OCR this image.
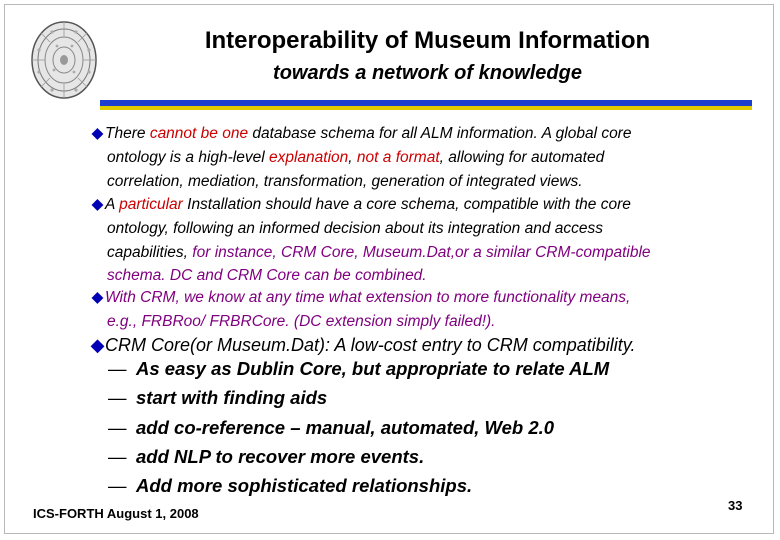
Interoperability of Museum Information
towards a network of knowledge
◆There cannot be one database schema for all ALM information. A global core
ontology is a high-level explanation, not a format, allowing for automated
correlation, mediation, transformation, generation of integrated views.
◆A particular Installation should have a core schema, compatible with the core
ontology, following an informed decision about its integration and access
capabilities, for instance, CRM Core, Museum.Dat,or a similar CRM-compatible
schema. DC and CRM Core can be combined.
◆With CRM, we know at any time what extension to more functionality means,
e.g., FRBRoo/ FRBRCore. (DC extension simply failed!).
◆CRM Core(or Museum.Dat): A low-cost entry to CRM compatibility.
— As easy as Dublin Core, but appropriate to relate ALM
— start with finding aids
— add co-reference – manual, automated, Web 2.0
— add NLP to recover more events.
— Add more sophisticated relationships.
ICS-FORTH August 1, 2008
33
